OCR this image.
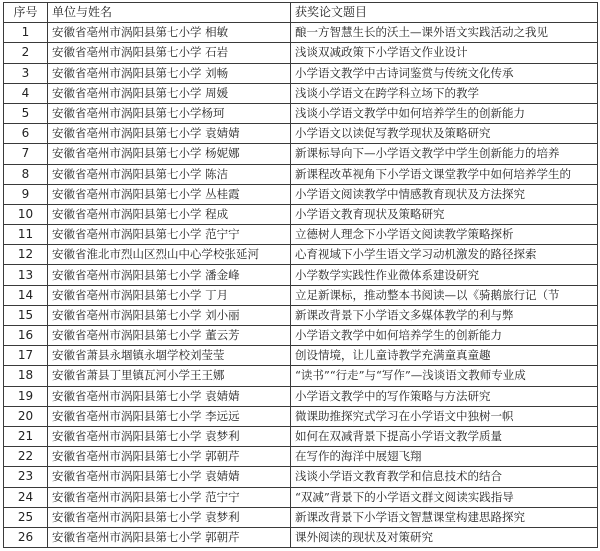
序号	单位与姓名	获奖论文题目
1	安徽省亳州市涡阳县第七小学 相敏	酿一方智慧生长的沃土—课外语文实践活动之我见
2	安徽省亳州市涡阳县第七小学 石岩	浅谈双减政策下小学语文作业设计
3	安徽省亳州市涡阳县第七小学 刘畅	小学语文教学中古诗词鉴赏与传统文化传承
4	安徽省亳州市涡阳县第七小学 周媛	浅谈小学语文在跨学科立场下的教学
5	安徽省亳州市涡阳县第七小学杨珂	浅谈小学语文教学中如何培养学生的创新能力
6	安徽省亳州市涡阳县第七小学 袁婧婧	小学语文以读促写教学现状及策略研究
7	安徽省亳州市涡阳县第七小学 杨妮娜	新课标导向下—小学语文教学中学生创新能力的培养
8	安徽省亳州市涡阳县第七小学 陈洁	新课程改革视角下小学语文课堂教学中如何培养学生的
9	安徽省亳州市涡阳县第七小学 丛桂霞	小学语文阅读教学中情感教育现状及方法探究
10	安徽省亳州市涡阳县第七小学 程成	小学语文教育现状及策略研究
11	安徽省亳州市涡阳县第七小学 范宁宁	立德树人理念下小学语文阅读教学策略探析
12	安徽省淮北市烈山区烈山中心学校张延河	心育视域下小学生语文学习动机激发的路径探索
13	安徽省亳州市涡阳县第七小学 潘金峰	小学数学实践性作业微体系建设研究
14	安徽省亳州市涡阳县第七小学 丁月	立足新课标，推动整本书阅读—以《骑鹅旅行记（节
15	安徽省亳州市涡阳县第七小学 刘小丽	新课改背景下小学语文多媒体教学的利与弊
16	安徽省亳州市涡阳县第七小学 董云芳	小学语文教学中如何培养学生的创新能力
17	安徽省萧县永堌镇永堌学校刘莹莹	创设情境，让儿童诗教学充满童真童趣
18	安徽省萧县丁里镇瓦河小学王王娜	“读书”“行走”与“写作”—浅谈语文教师专业成
19	安徽省亳州市涡阳县第七小学 袁婧婧	小学语文教学中的写作策略与方法研究
20	安徽省亳州市涡阳县第七小学 李远远	微课助推探究式学习在小学语文中独树一帜
21	安徽省亳州市涡阳县第七小学 袁梦利	如何在双减背景下提高小学语文教学质量
22	安徽省亳州市涡阳县第七小学 郭朝芹	在写作的海洋中展翅飞翔
23	安徽省亳州市涡阳县第七小学 袁婧婧	浅谈小学语文教育教学和信息技术的结合
24	安徽省亳州市涡阳县第七小学 范宁宁	“双减”背景下的小学语文群文阅读实践指导
25	安徽省亳州市涡阳县第七小学 袁梦利	新课改背景下小学语文智慧课堂构建思路探究
26	安徽省亳州市涡阳县第七小学 郭朝芹	课外阅读的现状及对策研究
